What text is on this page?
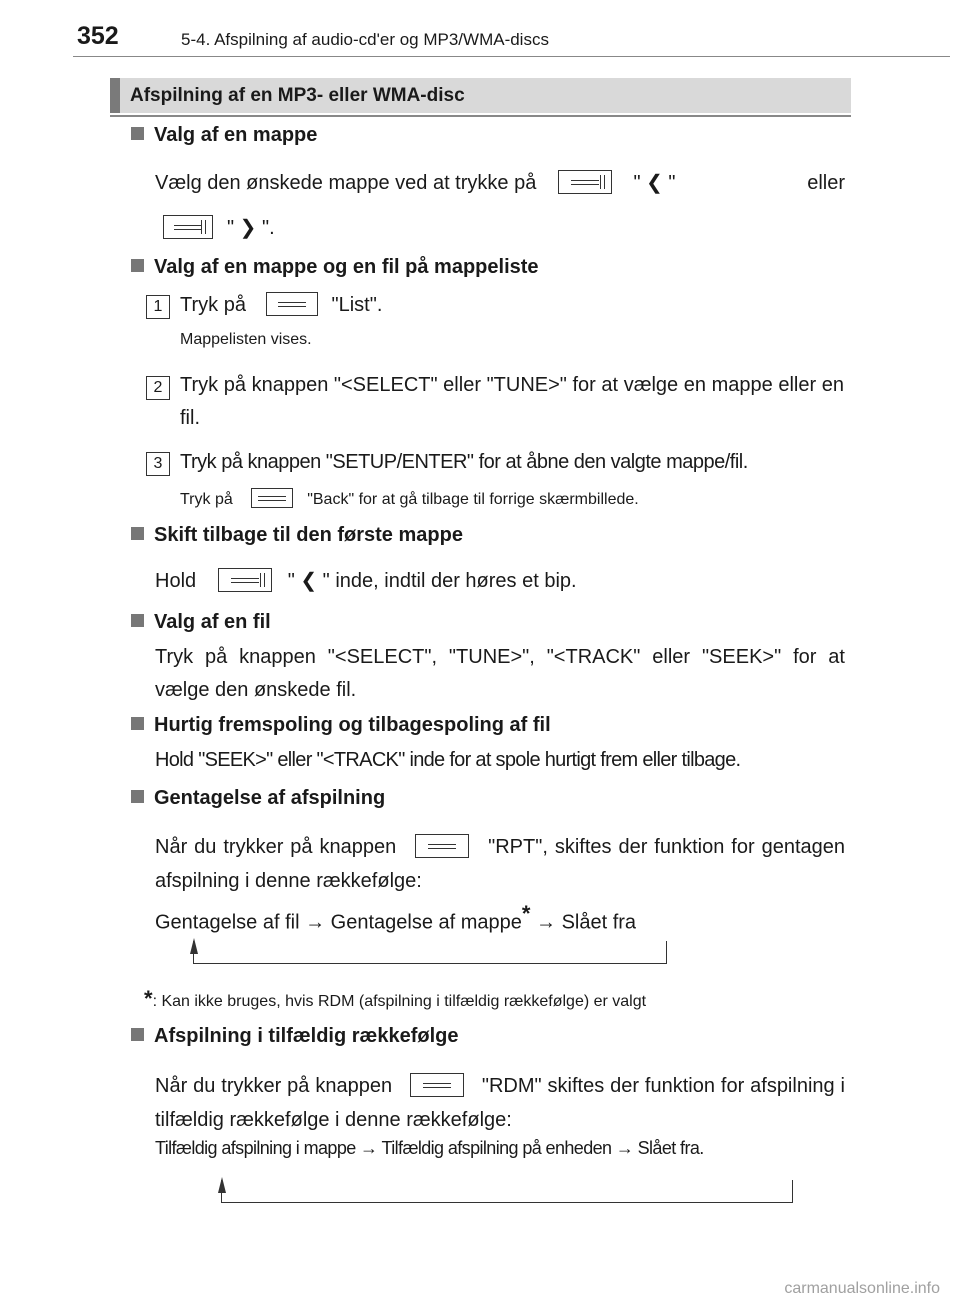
352	5-4. Afspilning af audio-cd'er og MP3/WMA-discs
Afspilning af en MP3- eller WMA-disc
Valg af en mappe
Vælg den ønskede mappe ved at trykke på	" ❮ "	eller
" ❯ ".
Valg af en mappe og en fil på mappeliste
1 Tryk på	"List".
Mappelisten vises.
2 Tryk på knappen "<SELECT" eller "TUNE>" for at vælge en mappe eller en fil.
3 Tryk på knappen "SETUP/ENTER" for at åbne den valgte mappe/fil.
Tryk på	"Back" for at gå tilbage til forrige skærmbillede.
Skift tilbage til den første mappe
Hold	" ❮ " inde, indtil der høres et bip.
Valg af en fil
Tryk på knappen "<SELECT", "TUNE>", "<TRACK" eller "SEEK>" for at vælge den ønskede fil.
Hurtig fremspoling og tilbagespoling af fil
Hold "SEEK>" eller "<TRACK" inde for at spole hurtigt frem eller tilbage.
Gentagelse af afspilning
Når du trykker på knappen	"RPT", skiftes der funktion for gentagen afspilning i denne rækkefølge:
Gentagelse af fil → Gentagelse af mappe* → Slået fra
*: Kan ikke bruges, hvis RDM (afspilning i tilfældig rækkefølge) er valgt
Afspilning i tilfældig rækkefølge
Når du trykker på knappen	"RDM" skiftes der funktion for afspilning i tilfældig rækkefølge i denne rækkefølge:
Tilfældig afspilning i mappe → Tilfældig afspilning på enheden → Slået fra.
carmanualsonline.info
